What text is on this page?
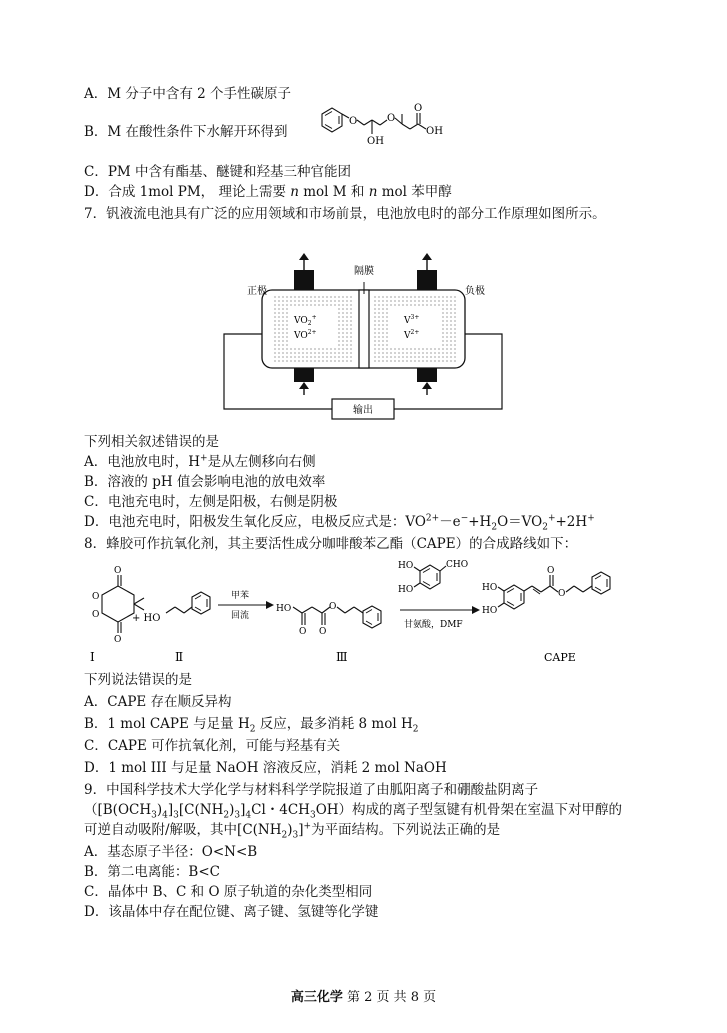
A．M 分子中含有 2 个手性碳原子
B．M 在酸性条件下水解开环得到
O
OH
O
O
OH
C．PM 中含有酯基、醚键和羟基三种官能团
D．合成 1mol PM， 理论上需要 n mol M 和 n mol 苯甲醇
7．钒液流电池具有广泛的应用领域和市场前景，电池放电时的部分工作原理如图所示。
输出
隔膜
正极	负极
$VO_2^+$
$VO^{2+}$
$V^{3+}$
$V^{2+}$
下列相关叙述错误的是
A．电池放电时，H+是从左侧移向右侧
B．溶液的 pH 值会影响电池的放电效率
C．电池充电时，左侧是阳极，右侧是阴极
D．电池充电时，阳极发生氧化反应，电极反应式是：$VO^{2+}-e^-+H_2O=VO_2^++2H^+$
8．蜂胶可作抗氧化剂，其主要活性成分咖啡酸苯乙酯（CAPE）的合成路线如下：
O
O
O
O
Ⅰ
+ HO
Ⅱ
甲苯
回流
HO
O O
O
Ⅲ
HO
HO
CHO
甘氨酸，DMF
HO
HO
O
O
CAPE
下列说法错误的是
A．CAPE 存在顺反异构
B．1 mol CAPE 与足量 $H_2$ 反应，最多消耗 8 mol $H_2$
C．CAPE 可作抗氧化剂，可能与羟基有关
D．1 mol III 与足量 NaOH 溶液反应，消耗 2 mol NaOH
9．中国科学技术大学化学与材料科学学院报道了由胍阳离子和硼酸盐阴离子
（$[B(OCH_3)_4]_3[C(NH_2)_3]_4Cl$・$4CH_3OH$）构成的离子型氢键有机骨架在室温下对甲醇的
可逆自动吸附/解吸，其中$[C(NH_2)_3]^+$为平面结构。下列说法正确的是
A．基态原子半径：O<N<B
B．第二电离能：B<C
C．晶体中 B、C 和 O 原子轨道的杂化类型相同
D．该晶体中存在配位键、离子键、氢键等化学键
高三化学 第 2 页 共 8 页
